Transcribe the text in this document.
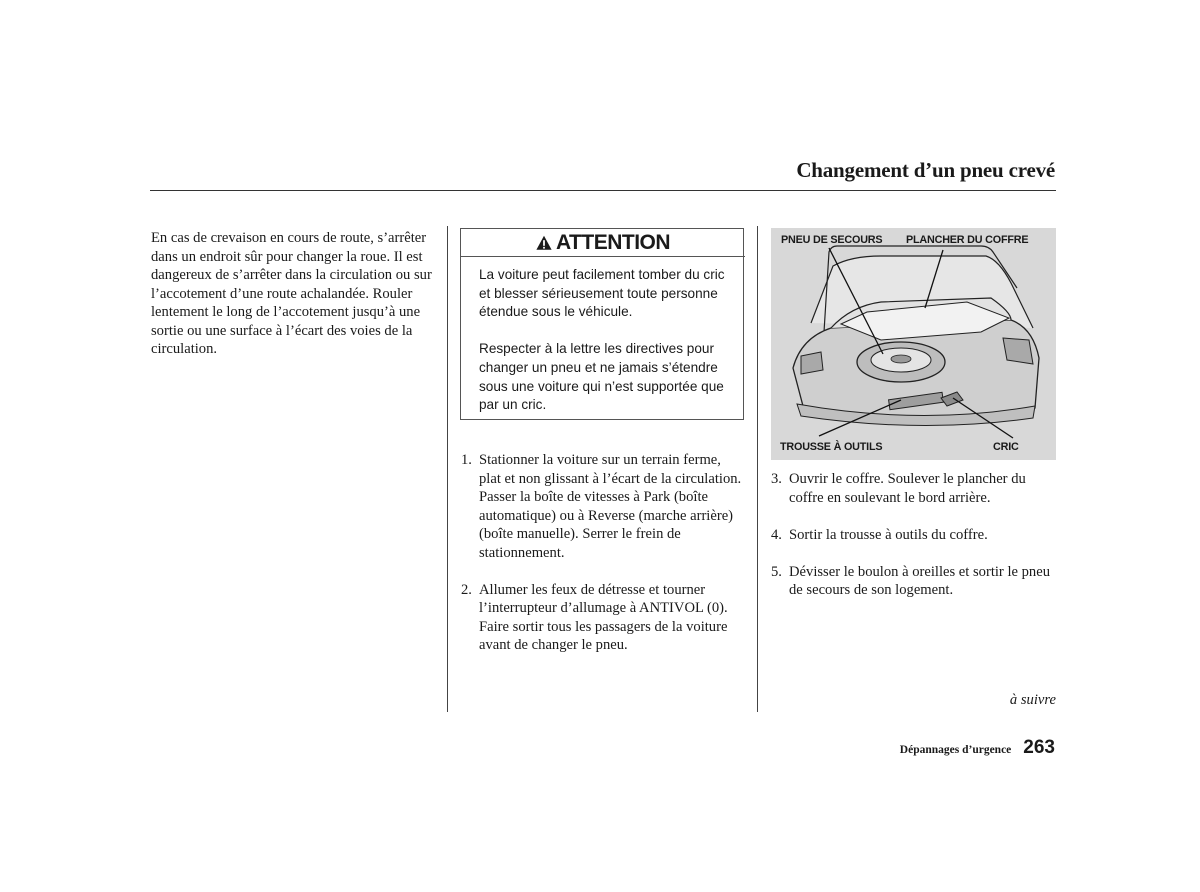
Changement d’un pneu crevé

En cas de crevaison en cours de route, s’arrêter dans un endroit sûr pour changer la roue. Il est dangereux de s’arrêter dans la circulation ou sur l’accotement d’une route achalandée. Rouler lentement le long de l’accotement jusqu’à une sortie ou une surface à l’écart des voies de la circulation.

ATTENTION

La voiture peut facilement tomber du cric et blesser sérieusement toute personne étendue sous le véhicule.

Respecter à la lettre les directives pour changer un pneu et ne jamais s’étendre sous une voiture qui n’est supportée que par un cric.

1. Stationner la voiture sur un terrain ferme, plat et non glissant à l’écart de la circulation. Passer la boîte de vitesses à Park (boîte automatique) ou à Reverse (marche arrière) (boîte manuelle). Serrer le frein de stationnement.
2. Allumer les feux de détresse et tourner l’interrupteur d’allumage à ANTIVOL (0). Faire sortir tous les passagers de la voiture avant de changer le pneu.
PNEU DE SECOURS PLANCHER DU COFFRE
TROUSSE À OUTILS	CRIC
3. Ouvrir le coffre. Soulever le plancher du coffre en soulevant le bord arrière.
4. Sortir la trousse à outils du coffre.
5. Dévisser le boulon à oreilles et sortir le pneu de secours de son logement.
à suivre
Dépannages d’urgence 263
